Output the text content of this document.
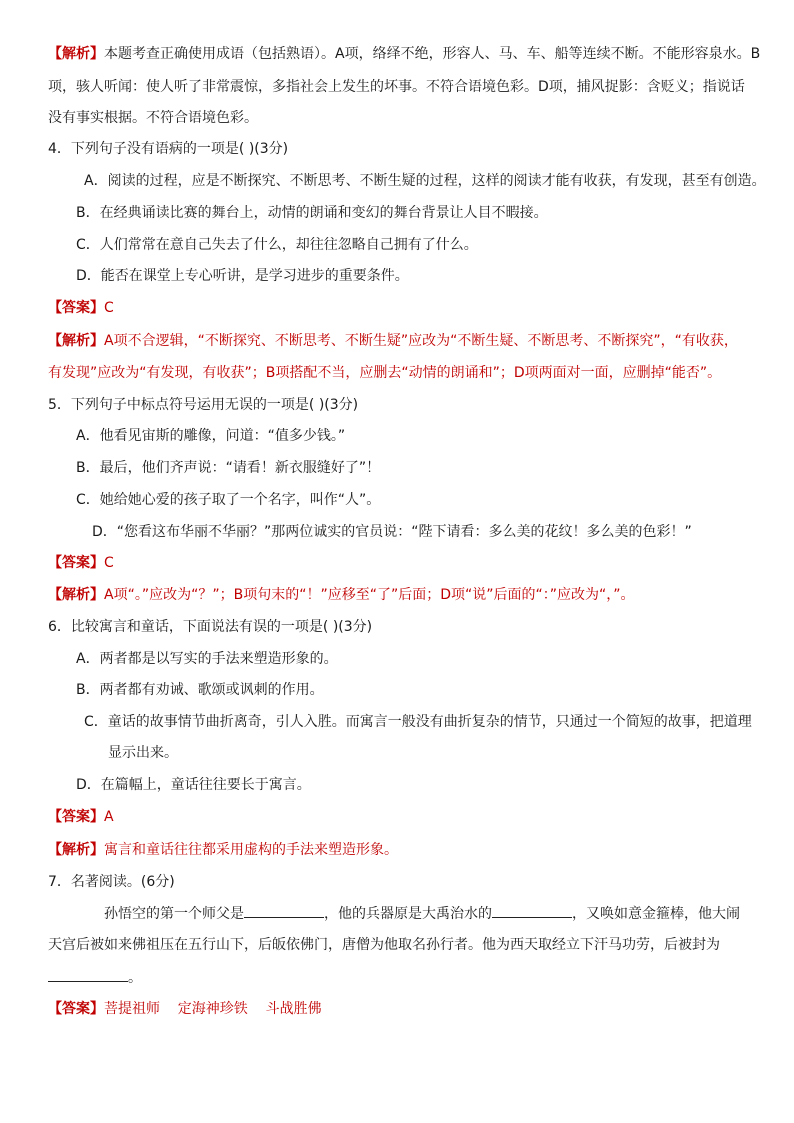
【解析】本题考查正确使用成语（包括熟语）。A项，络绎不绝，形容人、马、车、船等连续不断。不能形容泉水。B
项，骇人听闻：使人听了非常震惊，多指社会上发生的坏事。不符合语境色彩。D项，捕风捉影：含贬义；指说话
没有事实根据。不符合语境色彩。
4．下列句子没有语病的一项是( )(3分)
A．阅读的过程，应是不断探究、不断思考、不断生疑的过程，这样的阅读才能有收获，有发现，甚至有创造。
B．在经典诵读比赛的舞台上，动情的朗诵和变幻的舞台背景让人目不暇接。
C．人们常常在意自己失去了什么，却往往忽略自己拥有了什么。
D．能否在课堂上专心听讲，是学习进步的重要条件。
【答案】C
【解析】A项不合逻辑，“不断探究、不断思考、不断生疑”应改为“不断生疑、不断思考、不断探究”，“有收获，
有发现”应改为“有发现，有收获”；B项搭配不当，应删去“动情的朗诵和”；D项两面对一面，应删掉“能否”。
5．下列句子中标点符号运用无误的一项是( )(3分)
A．他看见宙斯的雕像，问道：“值多少钱。”
B．最后，他们齐声说：“请看！新衣服缝好了”！
C．她给她心爱的孩子取了一个名字，叫作“人”。
D．“您看这布华丽不华丽？”那两位诚实的官员说：“陛下请看：多么美的花纹！多么美的色彩！”
【答案】C
【解析】A项“。”应改为“？”；B项句末的“！”应移至“了”后面；D项“说”后面的“：”应改为“，”。
6．比较寓言和童话，下面说法有误的一项是( )(3分)
A．两者都是以写实的手法来塑造形象的。
B．两者都有劝诫、歌颂或讽刺的作用。
C．童话的故事情节曲折离奇，引人入胜。而寓言一般没有曲折复杂的情节，只通过一个简短的故事，把道理
显示出来。
D．在篇幅上，童话往往要长于寓言。
【答案】A
【解析】寓言和童话往往都采用虚构的手法来塑造形象。
7．名著阅读。(6分)
孙悟空的第一个师父是	，他的兵器原是大禹治水的	，又唤如意金箍棒，他大闹
天宫后被如来佛祖压在五行山下，后皈依佛门，唐僧为他取名孙行者。他为西天取经立下汗马功劳，后被封为
。
【答案】菩提祖师    定海神珍铁    斗战胜佛
